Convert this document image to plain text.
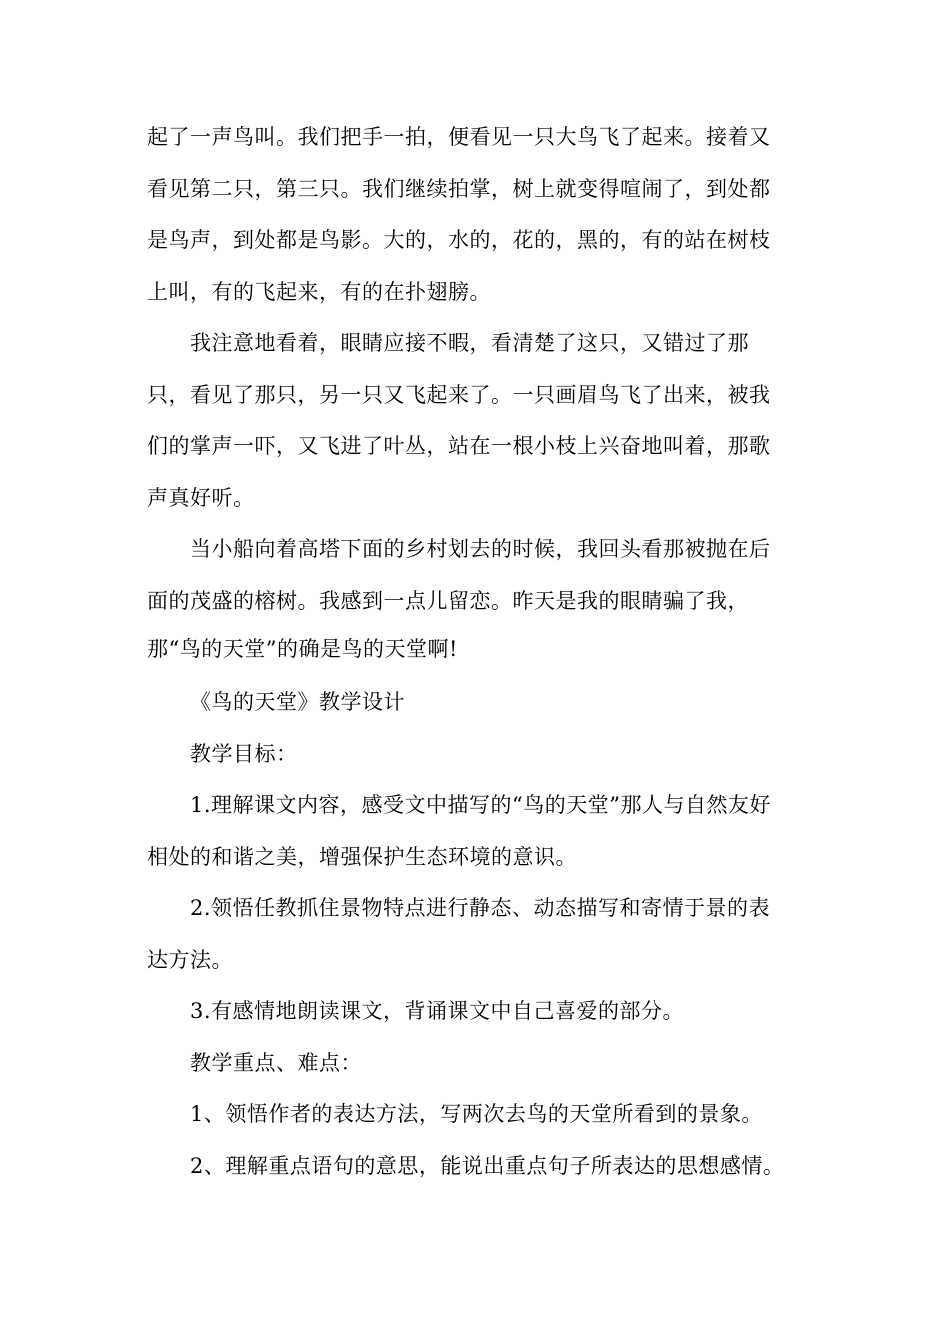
起了一声鸟叫。我们把手一拍，便看见一只大鸟飞了起来。接着又
看见第二只，第三只。我们继续拍掌，树上就变得喧闹了，到处都
是鸟声，到处都是鸟影。大的，水的，花的，黑的，有的站在树枝
上叫，有的飞起来，有的在扑翅膀。
我注意地看着，眼睛应接不暇，看清楚了这只，又错过了那
只，看见了那只，另一只又飞起来了。一只画眉鸟飞了出来，被我
们的掌声一吓，又飞进了叶丛，站在一根小枝上兴奋地叫着，那歌
声真好听。
当小船向着高塔下面的乡村划去的时候，我回头看那被抛在后
面的茂盛的榕树。我感到一点儿留恋。昨天是我的眼睛骗了我，
那“鸟的天堂”的确是鸟的天堂啊!
《鸟的天堂》教学设计
教学目标：
1.理解课文内容，感受文中描写的“鸟的天堂”那人与自然友好
相处的和谐之美，增强保护生态环境的意识。
2.领悟任教抓住景物特点进行静态、动态描写和寄情于景的表
达方法。
3.有感情地朗读课文，背诵课文中自己喜爱的部分。
教学重点、难点：
1、领悟作者的表达方法，写两次去鸟的天堂所看到的景象。
2、理解重点语句的意思，能说出重点句子所表达的思想感情。
